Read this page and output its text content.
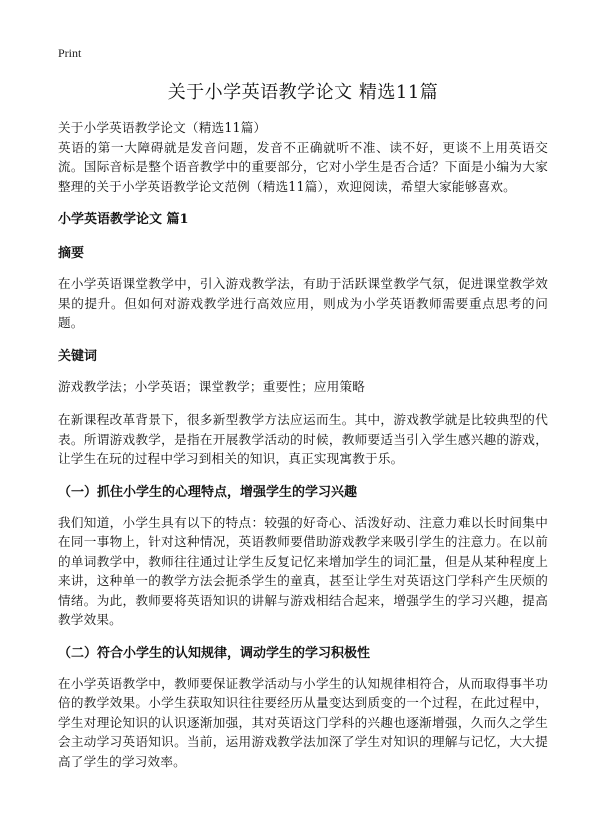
Print
关于小学英语教学论文 精选11篇

关于小学英语教学论文（精选11篇）

英语的第一大障碍就是发音问题，发音不正确就听不准、读不好，更谈不上用英语交流。国际音标是整个语音教学中的重要部分，它对小学生是否合适？下面是小编为大家整理的关于小学英语教学论文范例（精选11篇），欢迎阅读，希望大家能够喜欢。

小学英语教学论文 篇1
摘要

在小学英语课堂教学中，引入游戏教学法，有助于活跃课堂教学气氛，促进课堂教学效果的提升。但如何对游戏教学进行高效应用，则成为小学英语教师需要重点思考的问题。

关键词

游戏教学法；小学英语；课堂教学；重要性；应用策略

在新课程改革背景下，很多新型教学方法应运而生。其中，游戏教学就是比较典型的代表。所谓游戏教学，是指在开展教学活动的时候，教师要适当引入学生感兴趣的游戏，让学生在玩的过程中学习到相关的知识，真正实现寓教于乐。

（一）抓住小学生的心理特点，增强学生的学习兴趣

我们知道，小学生具有以下的特点：较强的好奇心、活泼好动、注意力难以长时间集中在同一事物上，针对这种情况，英语教师要借助游戏教学来吸引学生的注意力。在以前的单词教学中，教师往往通过让学生反复记忆来增加学生的词汇量，但是从某种程度上来讲，这种单一的教学方法会扼杀学生的童真，甚至让学生对英语这门学科产生厌烦的情绪。为此，教师要将英语知识的讲解与游戏相结合起来，增强学生的学习兴趣，提高教学效果。

（二）符合小学生的认知规律，调动学生的学习积极性

在小学英语教学中，教师要保证教学活动与小学生的认知规律相符合，从而取得事半功倍的教学效果。小学生获取知识往往要经历从量变达到质变的一个过程，在此过程中，学生对理论知识的认识逐渐加强，其对英语这门学科的兴趣也逐渐增强，久而久之学生会主动学习英语知识。当前，运用游戏教学法加深了学生对知识的理解与记忆，大大提高了学生的学习效率。
